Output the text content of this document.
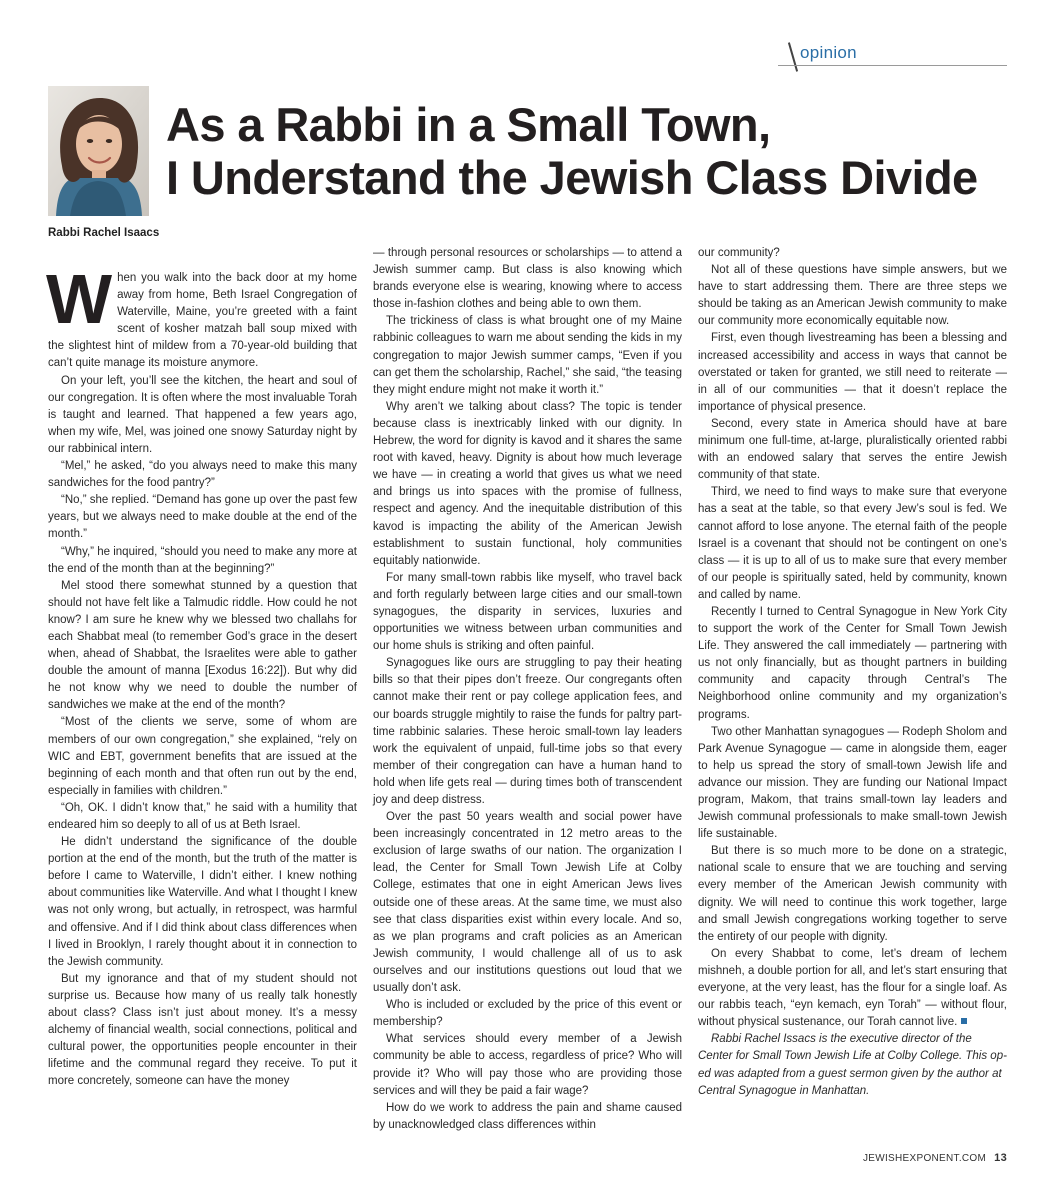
opinion
As a Rabbi in a Small Town,
I Understand the Jewish Class Divide
Rabbi Rachel Isaacs

When you walk into the back door at my home away from home, Beth Israel Congregation of Waterville, Maine, you’re greeted with a faint scent of kosher matzah ball soup mixed with the slightest hint of mildew from a 70-year-old building that can’t quite manage its moisture anymore.

On your left, you’ll see the kitchen, the heart and soul of our congregation. It is often where the most invaluable Torah is taught and learned. That happened a few years ago, when my wife, Mel, was joined one snowy Saturday night by our rabbinical intern.

“Mel,” he asked, “do you always need to make this many sandwiches for the food pantry?”

“No,” she replied. “Demand has gone up over the past few years, but we always need to make double at the end of the month.”

“Why,” he inquired, “should you need to make any more at the end of the month than at the beginning?”

Mel stood there somewhat stunned by a question that should not have felt like a Talmudic riddle. How could he not know? I am sure he knew why we blessed two challahs for each Shabbat meal (to remember God’s grace in the desert when, ahead of Shabbat, the Israelites were able to gather double the amount of manna [Exodus 16:22]). But why did he not know why we need to double the number of sandwiches we make at the end of the month?

“Most of the clients we serve, some of whom are members of our own congregation,” she explained, “rely on WIC and EBT, government benefits that are issued at the beginning of each month and that often run out by the end, especially in families with children.”

“Oh, OK. I didn’t know that,” he said with a humility that endeared him so deeply to all of us at Beth Israel.

He didn’t understand the significance of the double portion at the end of the month, but the truth of the matter is before I came to Waterville, I didn’t either. I knew nothing about communities like Waterville. And what I thought I knew was not only wrong, but actually, in retrospect, was harmful and offensive. And if I did think about class differences when I lived in Brooklyn, I rarely thought about it in connection to the Jewish community.

But my ignorance and that of my student should not surprise us. Because how many of us really talk honestly about class? Class isn’t just about money. It’s a messy alchemy of financial wealth, social connections, political and cultural power, the opportunities people encounter in their lifetime and the communal regard they receive. To put it more concretely, someone can have the money

— through personal resources or scholarships — to attend a Jewish summer camp. But class is also knowing which brands everyone else is wearing, knowing where to access those in-fashion clothes and being able to own them.

The trickiness of class is what brought one of my Maine rabbinic colleagues to warn me about sending the kids in my congregation to major Jewish summer camps, “Even if you can get them the scholarship, Rachel,” she said, “the teasing they might endure might not make it worth it.”

Why aren’t we talking about class? The topic is tender because class is inextricably linked with our dignity. In Hebrew, the word for dignity is kavod and it shares the same root with kaved, heavy. Dignity is about how much leverage we have — in creating a world that gives us what we need and brings us into spaces with the promise of fullness, respect and agency. And the inequitable distribution of this kavod is impacting the ability of the American Jewish establishment to sustain functional, holy communities equitably nationwide.

For many small-town rabbis like myself, who travel back and forth regularly between large cities and our small-town synagogues, the disparity in services, luxuries and opportunities we witness between urban communities and our home shuls is striking and often painful.

Synagogues like ours are struggling to pay their heating bills so that their pipes don’t freeze. Our congregants often cannot make their rent or pay college application fees, and our boards struggle mightily to raise the funds for paltry part-time rabbinic salaries. These heroic small-town lay leaders work the equivalent of unpaid, full-time jobs so that every member of their congregation can have a human hand to hold when life gets real — during times both of transcendent joy and deep distress.

Over the past 50 years wealth and social power have been increasingly concentrated in 12 metro areas to the exclusion of large swaths of our nation. The organization I lead, the Center for Small Town Jewish Life at Colby College, estimates that one in eight American Jews lives outside one of these areas. At the same time, we must also see that class disparities exist within every locale. And so, as we plan programs and craft policies as an American Jewish community, I would challenge all of us to ask ourselves and our institutions questions out loud that we usually don’t ask.

Who is included or excluded by the price of this event or membership?

What services should every member of a Jewish community be able to access, regardless of price? Who will provide it? Who will pay those who are providing those services and will they be paid a fair wage?

How do we work to address the pain and shame caused by unacknowledged class differences within

our community?

Not all of these questions have simple answers, but we have to start addressing them. There are three steps we should be taking as an American Jewish community to make our community more economically equitable now.

First, even though livestreaming has been a blessing and increased accessibility and access in ways that cannot be overstated or taken for granted, we still need to reiterate — in all of our communities — that it doesn’t replace the importance of physical presence.

Second, every state in America should have at bare minimum one full-time, at-large, pluralistically oriented rabbi with an endowed salary that serves the entire Jewish community of that state.

Third, we need to find ways to make sure that everyone has a seat at the table, so that every Jew’s soul is fed. We cannot afford to lose anyone. The eternal faith of the people Israel is a covenant that should not be contingent on one’s class — it is up to all of us to make sure that every member of our people is spiritually sated, held by community, known and called by name.

Recently I turned to Central Synagogue in New York City to support the work of the Center for Small Town Jewish Life. They answered the call immediately — partnering with us not only financially, but as thought partners in building community and capacity through Central’s The Neighborhood online community and my organization’s programs.

Two other Manhattan synagogues — Rodeph Sholom and Park Avenue Synagogue — came in alongside them, eager to help us spread the story of small-town Jewish life and advance our mission. They are funding our National Impact program, Makom, that trains small-town lay leaders and Jewish communal professionals to make small-town Jewish life sustainable.

But there is so much more to be done on a strategic, national scale to ensure that we are touching and serving every member of the American Jewish community with dignity. We will need to continue this work together, large and small Jewish congregations working together to serve the entirety of our people with dignity.

On every Shabbat to come, let’s dream of lechem mishneh, a double portion for all, and let’s start ensuring that everyone, at the very least, has the flour for a single loaf. As our rabbis teach, “eyn kemach, eyn Torah” — without flour, without physical sustenance, our Torah cannot live.

Rabbi Rachel Issacs is the executive director of the Center for Small Town Jewish Life at Colby College. This op-ed was adapted from a guest sermon given by the author at Central Synagogue in Manhattan.

JEWISHEXPONENT.COM 13
